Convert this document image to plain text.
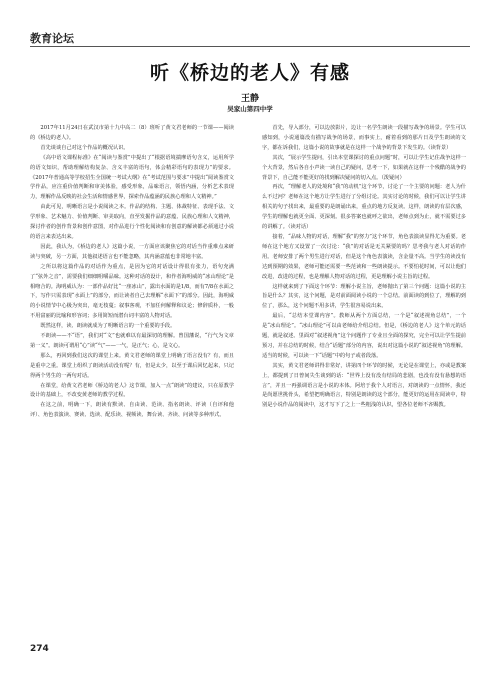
教育论坛
听《桥边的老人》有感
王静
吴家山第四中学

2017年11月24日在武汉市第十九中高二（8）班听了黄文君老师的一节课——阅读的《桥边的老人》。

首先谈谈自己对这个作品的概况认识。

《高中语文课程标准》在“阅读与鉴赏”中提出了“根据语境揣摩语句含义，运用所学的语文知识，帮助理解结构复杂、含义丰富的语句，体会精彩语句的表现力”的要求。《2017年普通高等学校招生全国统一考试大纲》在“考试范围与要求”中提出“阅读鉴赏文学作品，应注重价值判断和审美体验，感受形象，品味语言，领悟内涵，分析艺术表现力，理解作品反映的社会生活和情感世界，探索作品蕴涵的民族心理和人文精神。”

由此可见，明晰语言是小说阅读之本。作品的结构、主题、体裁特征、表现手法、文学形象、艺术魅力、价值判断、审美取向，直至发掘作品的意蕴、民族心理和人文精神，探讨作者的创作背景和创作意图，对作品进行个性化阅读和有创意的解读都必须通过小说的语言来表达出来。

因此，我认为，《桥边的老人》这篇小说，一方面应该聚焦它的对话当作重难点来研读与突破，另一方面，其他叙述语言也不能忽略，其内涵意蕴也非常地丰富。

之所以将这篇作品的对话作为重点，是因为它的对话设计得很有张力，语句充满了“弦外之音”，需要我们细细咀嚼品味。这种对话的设计，和作者海明威的“冰山理论”是相吻合的。海明威认为：一部作品好比“一座冰山”，露出水面的是1/8，而有7/8在水面之下，写作只需表现“水面上”的部分，而让读者自己去理解“水面下”的部分。因此，海明威的小说情节中心极为突出，毫无枝蔓；叙事客观，不加任何解释和议论；修辞质朴，一般不用富丽的比喻和形容词；多用简短而潜台词丰富的人物对话。

既然这样，读、朗读就成为了明晰语言的一个重要的手段。

不朗读——不“语”，我们对“文”也就难以有最深切的理解。曾国藩说，“行气为文章第一义”。朗读可谓用“心”读“气”——一气，是正气；心，是文心。

那么，再回到我们这次的课堂上来。黄文君老师的课堂上明确了语言没有？有，而且是重中之重。课堂上组织了朗读活动没有呢？有，但是太少，以至于课后回忆起来，只记得两个男生的一两句对话。

在课堂，给黄文君老师《桥边的老人》这节课，加入一点“朗读”的建议，只在原教学设计的基础上，不改变黄老师的教学过程。

在这之前，明确一下，朗读有默读、自由读、范读、指名朗读、评读（自评和他评）、角色表演读、赛读、选读、配乐读、视频读、舞台读、齐读、问读等多种形式。

首先，导入部分，可以边放影片，边让一名学生朗读一段描写战争的场景。学生可以感知到，小说通篇没有描写战争的场景，而事实上，耐着看到的那片日及学生朗读的文字，都在诉我们，这篇小说的故事就是在这样一个战争的背景下发生的。（读背景）

其次，“展示学生提问，引出本堂课探讨的重点问题”时，可以让学生记住战争这样一个大背景，然后各自小声读一读自己的疑问，思考一下，如果就在这样一个残酷的战争的背景下，自己能不能更好的找到解决疑问的切入点。（泼疑问）

再次，“理解老人的处境和“我”的动机”这个环节，讨论了一个主要的问题：老人为什么不过河？老师在这个地方让学生进行了分组讨论。其实讨论的时候，我们可以让学生讲相关的句子找出来，最重要的是朗诵出来，重点的地方反复读。这样，朗读的有层次感，学生的理解也就更全面、更深刻。很多答案也就呼之欲出，老师点到为止，就不需要过多的讲解了。（读对话）

接着，“品味人物的对话，理解“我”的努力”这个环节，角色表演读显得尤为重要。老师在这个地方又设置了一次讨论：“我”的对话是无关紧要的吗？思考我与老人对话的作用。老师安排了两个男生进行对话，但是这个角色表演读，含金量不高。当学生的读没有达到预期的效果，老师可能还需要一些范读和一些朗读提示。不要怕花时间，可以让他们改进，改进的过程，也是理解人物对话的过程，更是理解小说主旨的过程。

这样就来到了下面这个环节：理解小说主旨，老师抛出了第三个问题：这篇小说的主旨是什么？其实，这个问题，是对前面阅读小说的一个总结。前面读的到位了，理解的到位了，那么，这个问题不用多讲，学生很容易说出来。

最后，“总结本堂课内容”。教师从两个方面总结，一个是“叙述视角总结”，一个是“冰山理论”。“冰山理论”可以由老师给介绍总结。但是，《桥边的老人》这个单元的话题，就是叙述。里面对“叙述视角”这个问题作了专业且全面的探究，完全可以让学生提前预习，并在总结的时候，结合“话题”部分的内容，说出对这篇小说的“叙述视角”的理解。适当的时候，可以读一下“话题”中的句子或者段落。

其实，黄文君老师讲得非常好，讲第四个环节的时候，无论是在课堂上，亦或是教案上，都提到了日曾间失生谈到的话：“世界上没有没有结局的悲剧，也没有没有悬想的语言”，并且一再强调语言是小说的本体。阿培于我个人对语言，对朗读的一点情怀，我还是尚愿世挑骨头，希望把明确语言，特别是朗读的这个部分，能更好的运用在阅读中，特别是小说作品的阅读中，这才写下了之上一些粗浅的认识，望各位老师不吝赐教。

274
